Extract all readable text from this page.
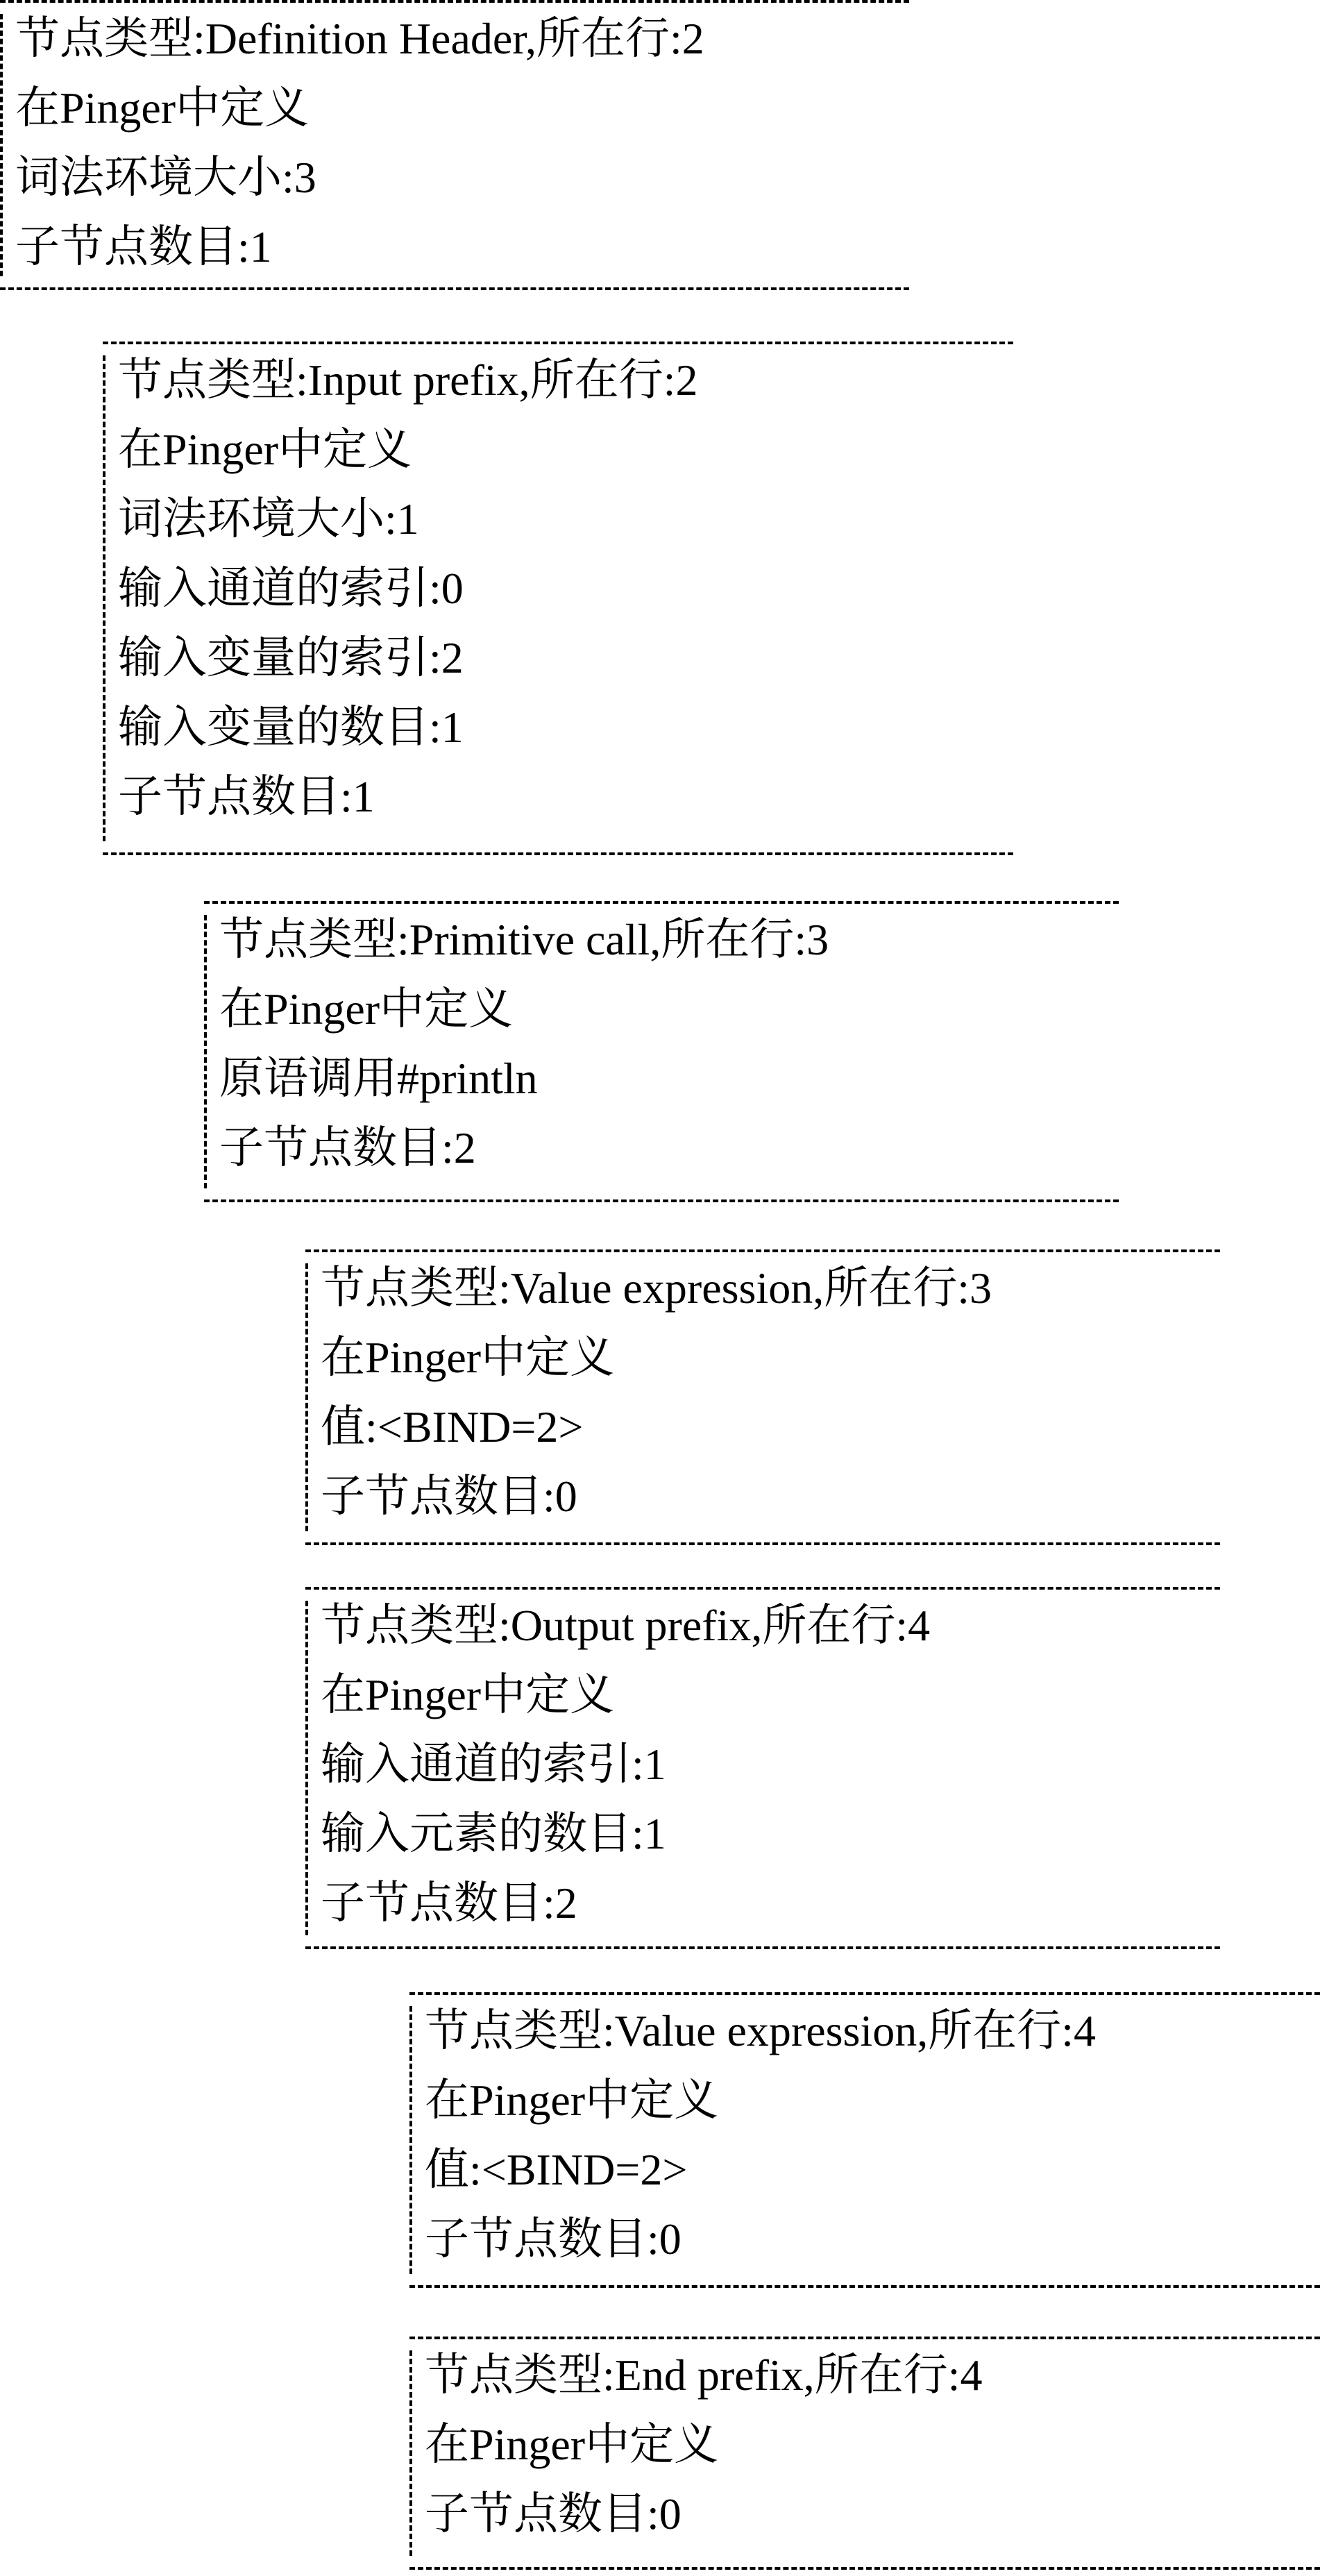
节点类型:Definition Header,所在行:2
在Pinger中定义
词法环境大小:3
子节点数目:1
节点类型:Input prefix,所在行:2
在Pinger中定义
词法环境大小:1
输入通道的索引:0
输入变量的索引:2
输入变量的数目:1
子节点数目:1
节点类型:Primitive call,所在行:3
在Pinger中定义
原语调用#println
子节点数目:2
节点类型:Value expression,所在行:3
在Pinger中定义
值:<BIND=2>
子节点数目:0
节点类型:Output prefix,所在行:4
在Pinger中定义
输入通道的索引:1
输入元素的数目:1
子节点数目:2
节点类型:Value expression,所在行:4
在Pinger中定义
值:<BIND=2>
子节点数目:0
节点类型:End prefix,所在行:4
在Pinger中定义
子节点数目:0
